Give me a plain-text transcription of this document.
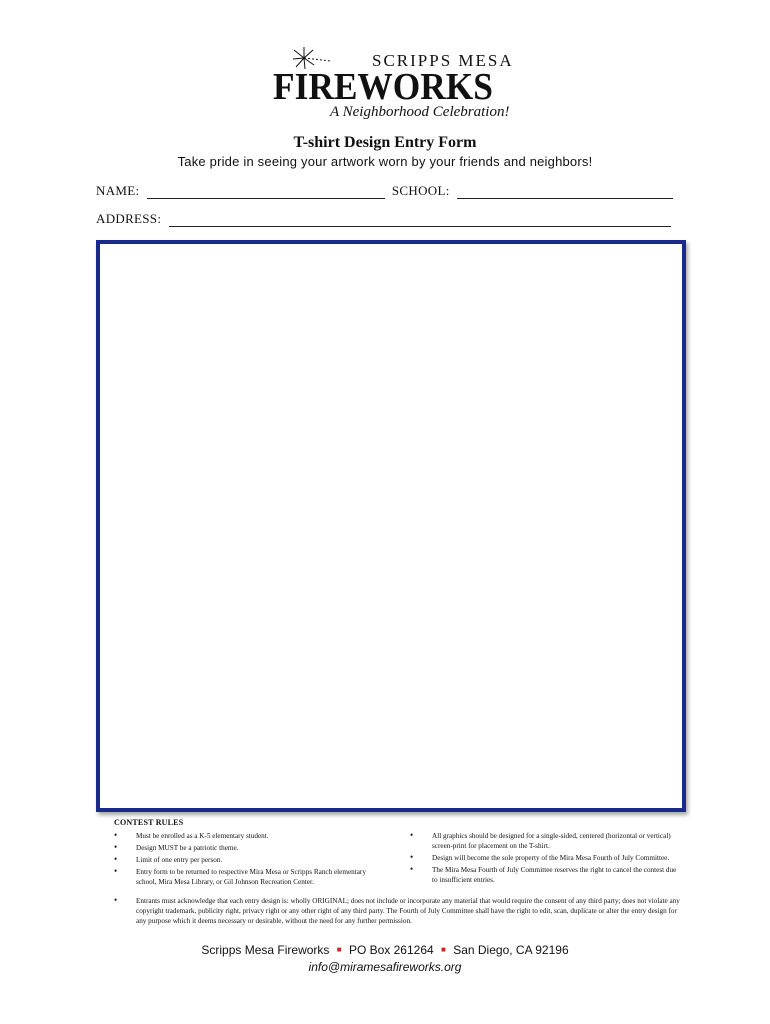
SCRIPPS MESA
FIREWORKS
A Neighborhood Celebration!
T-shirt Design Entry Form
Take pride in seeing your artwork worn by your friends and neighbors!
NAME:	SCHOOL:
ADDRESS:
CONTEST RULES
•	Must be enrolled as a K-5 elementary student.
•	Design MUST be a patriotic theme.
•	Limit of one entry per person.
•	Entry form to be returned to respective Mira Mesa or Scripps Ranch elementary school, Mira Mesa Library, or Gil Johnson Recreation Center.
•	All graphics should be designed for a single-sided, centered (horizontal or vertical) screen-print for placement on the T-shirt.
•	Design will become the sole property of the Mira Mesa Fourth of July Committee.
•	The Mira Mesa Fourth of July Committee reserves the right to cancel the contest due to insufficient entries.
•	Entrants must acknowledge that each entry design is: wholly ORIGINAL; does not include or incorporate any material that would require the consent of any third party; does not violate any copyright trademark, publicity right, privacy right or any other right of any third party. The Fourth of July Committee shall have the right to edit, scan, duplicate or alter the entry design for any purpose which it deems necessary or desirable, without the need for any further permission.
Scripps Mesa Fireworks ■ PO Box 261264 ■ San Diego, CA 92196
info@miramesafireworks.org
